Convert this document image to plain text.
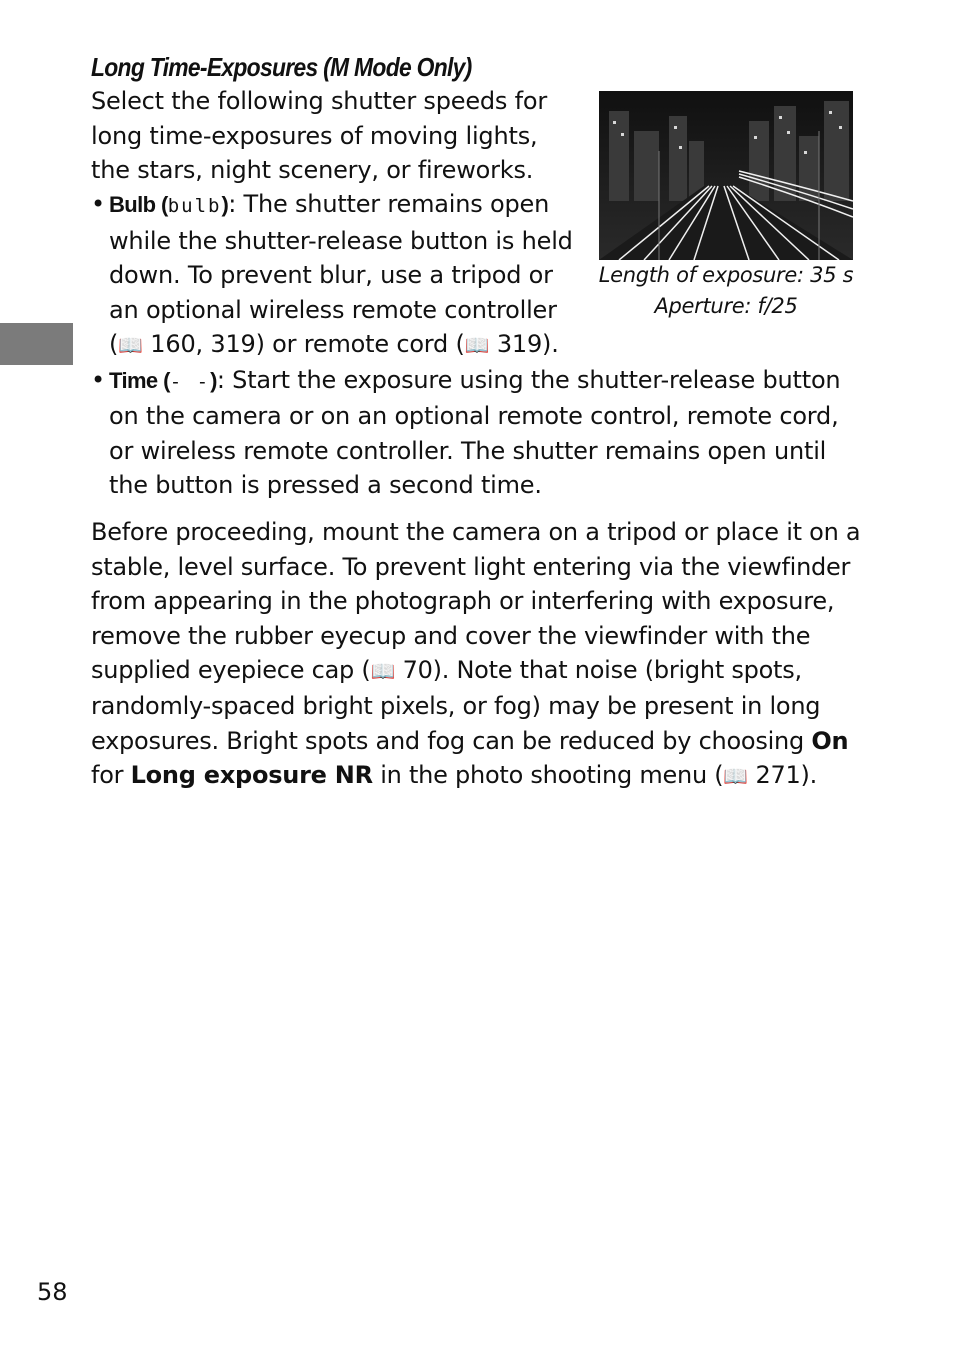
Long Time-Exposures (M Mode Only)
Select the following shutter speeds for long time-exposures of moving lights, the stars, night scenery, or fireworks.
Length of exposure: 35 s
Aperture: f/25
• Bulb (bulb): The shutter remains open while the shutter-release button is held down. To prevent blur, use a tripod or an optional wireless remote controller (📖 160, 319) or remote cord (📖 319).
• Time (- -): Start the exposure using the shutter-release button on the camera or on an optional remote control, remote cord, or wireless remote controller. The shutter remains open until the button is pressed a second time.
Before proceeding, mount the camera on a tripod or place it on a stable, level surface. To prevent light entering via the viewfinder from appearing in the photograph or interfering with exposure, remove the rubber eyecup and cover the viewfinder with the supplied eyepiece cap (📖 70). Note that noise (bright spots, randomly-spaced bright pixels, or fog) may be present in long exposures. Bright spots and fog can be reduced by choosing On for Long exposure NR in the photo shooting menu (📖 271).
58
